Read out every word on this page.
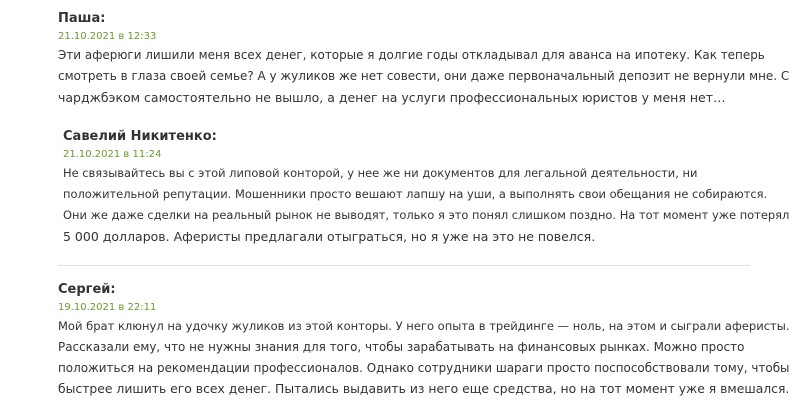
Паша:
21.10.2021 в 12:33
Эти аферюги лишили меня всех денег, которые я долгие годы откладывал для аванса на ипотеку. Как теперь
смотреть в глаза своей семье? А у жуликов же нет совести, они даже первоначальный депозит не вернули мне. С
чарджбэком самостоятельно не вышло, а денег на услуги профессиональных юристов у меня нет…
Савелий Никитенко:
21.10.2021 в 11:24
Не связывайтесь вы с этой липовой конторой, у нее же ни документов для легальной деятельности, ни
положительной репутации. Мошенники просто вешают лапшу на уши, а выполнять свои обещания не собираются.
Они же даже сделки на реальный рынок не выводят, только я это понял слишком поздно. На тот момент уже потерял
5 000 долларов. Аферисты предлагали отыграться, но я уже на это не повелся.
Сергей:
19.10.2021 в 22:11
Мой брат клюнул на удочку жуликов из этой конторы. У него опыта в трейдинге — ноль, на этом и сыграли аферисты.
Рассказали ему, что не нужны знания для того, чтобы зарабатывать на финансовых рынках. Можно просто
положиться на рекомендации профессионалов. Однако сотрудники шараги просто поспособствовали тому, чтобы
быстрее лишить его всех денег. Пытались выдавить из него еще средства, но на тот момент уже я вмешался.
